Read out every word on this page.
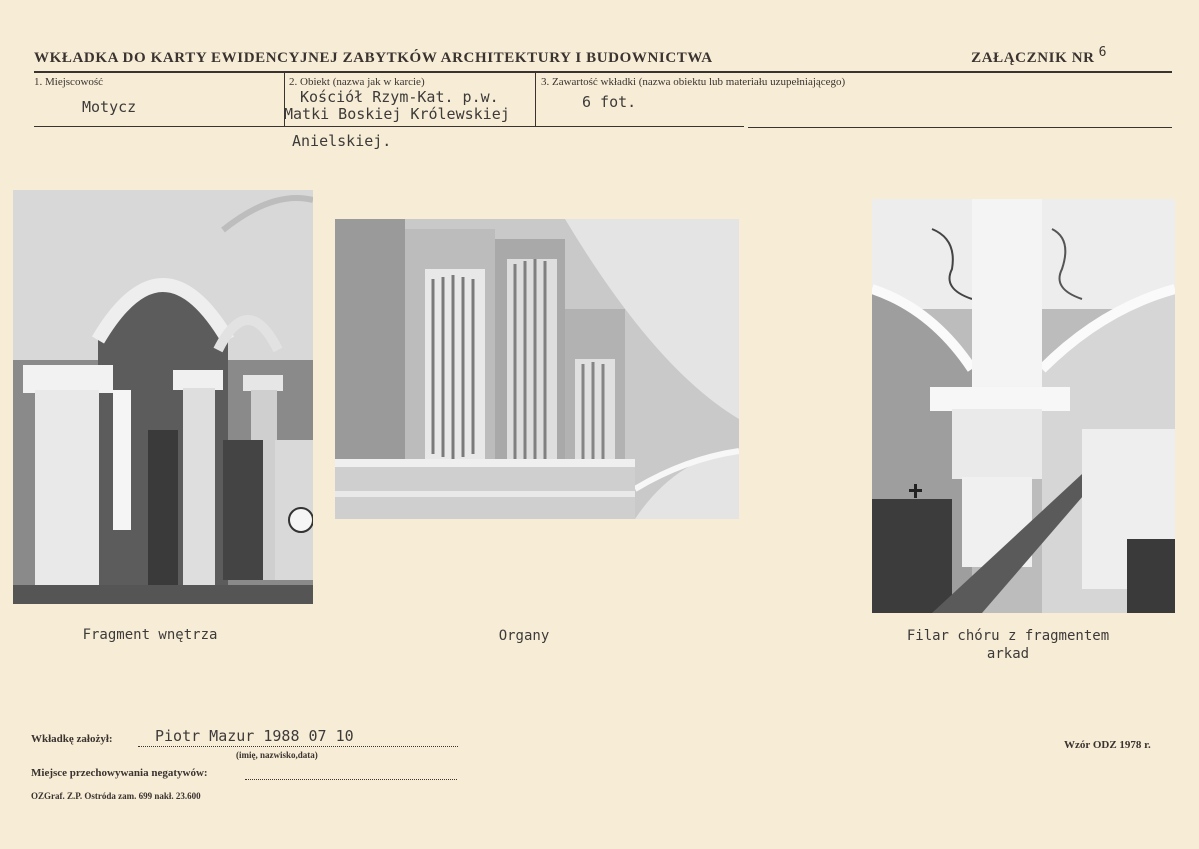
WKŁADKA DO KARTY EWIDENCYJNEJ ZABYTKÓW ARCHITEKTURY I BUDOWNICTWA	ZAŁĄCZNIK NR 6
1. Miejscowość
Motycz
2. Obiekt (nazwa jak w karcie)
Kościół Rzym-Kat. p.w.
Matki Boskiej Królewskiej
Anielskiej.
3. Zawartość wkładki (nazwa obiektu lub materiału uzupełniającego)
6 fot.
Fragment wnętrza	Organy	Filar chóru z fragmentem
arkad
Wkładkę założył:	Piotr Mazur 1988 07 10
(imię, nazwisko,data)
Miejsce przechowywania negatywów:
Wzór ODZ 1978 r.
OZGraf. Z.P. Ostróda zam. 699 nakł. 23.600
